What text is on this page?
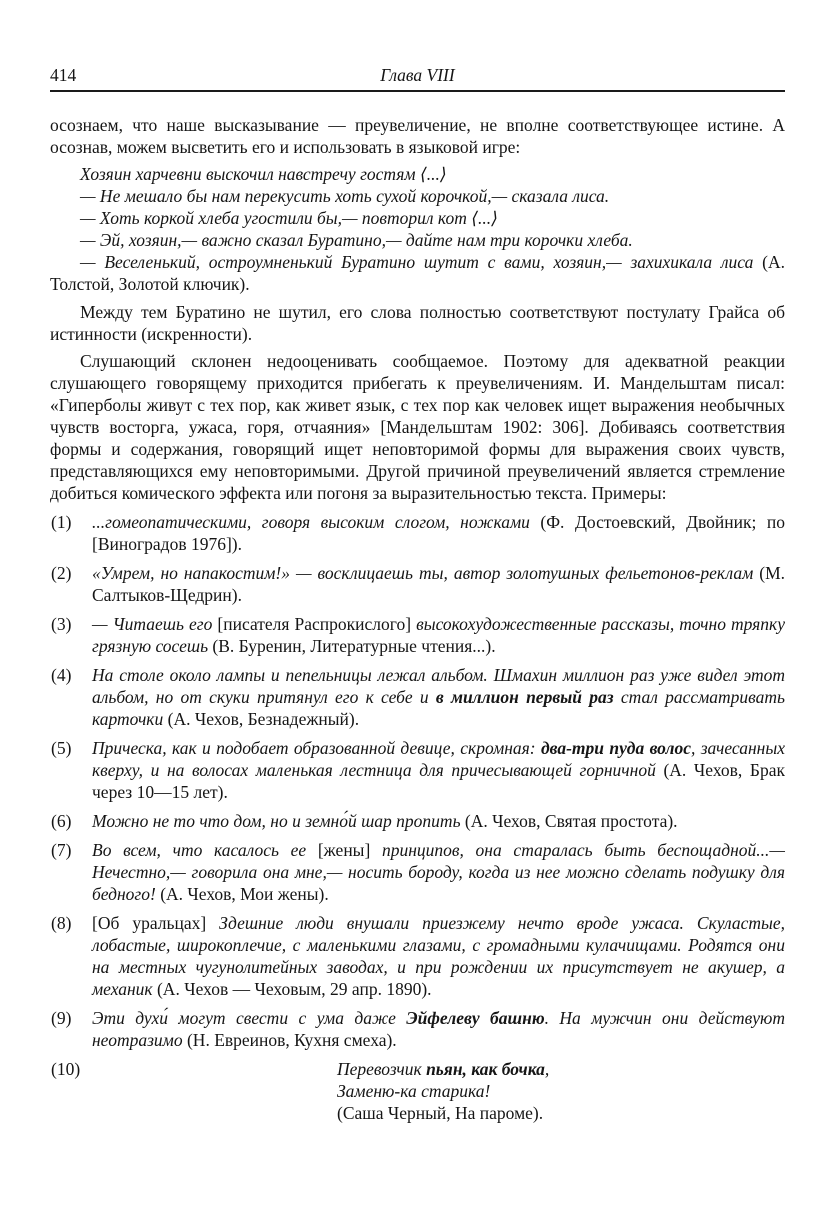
414	Глава VIII

осознаем, что наше высказывание — преувеличение, не вполне соответствующее истине. А осознав, можем высветить его и использовать в языковой игре:

Хозяин харчевни выскочил навстречу гостям ⟨...⟩

— Не мешало бы нам перекусить хоть сухой корочкой,— сказала лиса.

— Хоть коркой хлеба угостили бы,— повторил кот ⟨...⟩

— Эй, хозяин,— важно сказал Буратино,— дайте нам три корочки хлеба.

— Веселенький, остроумненький Буратино шутит с вами, хозяин,— захихикала лиса (А. Толстой, Золотой ключик).

Между тем Буратино не шутил, его слова полностью соответствуют постулату Грайса об истинности (искренности).

Слушающий склонен недооценивать сообщаемое. Поэтому для адекватной реакции слушающего говорящему приходится прибегать к преувеличениям. И. Мандельштам писал: «Гиперболы живут с тех пор, как живет язык, с тех пор как человек ищет выражения необычных чувств восторга, ужаса, горя, отчаяния» [Мандельштам 1902: 306]. Добиваясь соответствия формы и содержания, говорящий ищет неповторимой формы для выражения своих чувств, представляющихся ему неповторимыми. Другой причиной преувеличений является стремление добиться комического эффекта или погоня за выразительностью текста. Примеры:

(1) ...гомеопатическими, говоря высоким слогом, ножками (Ф. Достоевский, Двойник; по [Виноградов 1976]).
(2) «Умрем, но напакостим!» — восклицаешь ты, автор золотушных фельетонов-реклам (М. Салтыков-Щедрин).
(3) — Читаешь его [писателя Распрокислого] высокохудожественные рассказы, точно тряпку грязную сосешь (В. Буренин, Литературные чтения...).
(4) На столе около лампы и пепельницы лежал альбом. Шмахин миллион раз уже видел этот альбом, но от скуки притянул его к себе и в миллион первый раз стал рассматривать карточки (А. Чехов, Безнадежный).
(5) Прическа, как и подобает образованной девице, скромная: два-три пуда волос, зачесанных кверху, и на волосах маленькая лестница для причесывающей горничной (А. Чехов, Брак через 10—15 лет).
(6) Можно не то что дом, но и земно́й шар пропить (А. Чехов, Святая простота).
(7) Во всем, что касалось ее [жены] принципов, она старалась быть беспощадной...— Нечестно,— говорила она мне,— носить бороду, когда из нее можно сделать подушку для бедного! (А. Чехов, Мои жены).
(8) [Об уральцах] Здешние люди внушали приезжему нечто вроде ужаса. Скуластые, лобастые, широкоплечие, с маленькими глазами, с громадными кулачищами. Родятся они на местных чугунолитейных заводах, и при рождении их присутствует не акушер, а механик (А. Чехов — Чеховым, 29 апр. 1890).
(9) Эти духи́ могут свести с ума даже Эйфелеву башню. На мужчин они действуют неотразимо (Н. Евреинов, Кухня смеха).
(10)	Перевозчик пьян, как бочка,

Заменю-ка старика!

(Саша Черный, На пароме).
